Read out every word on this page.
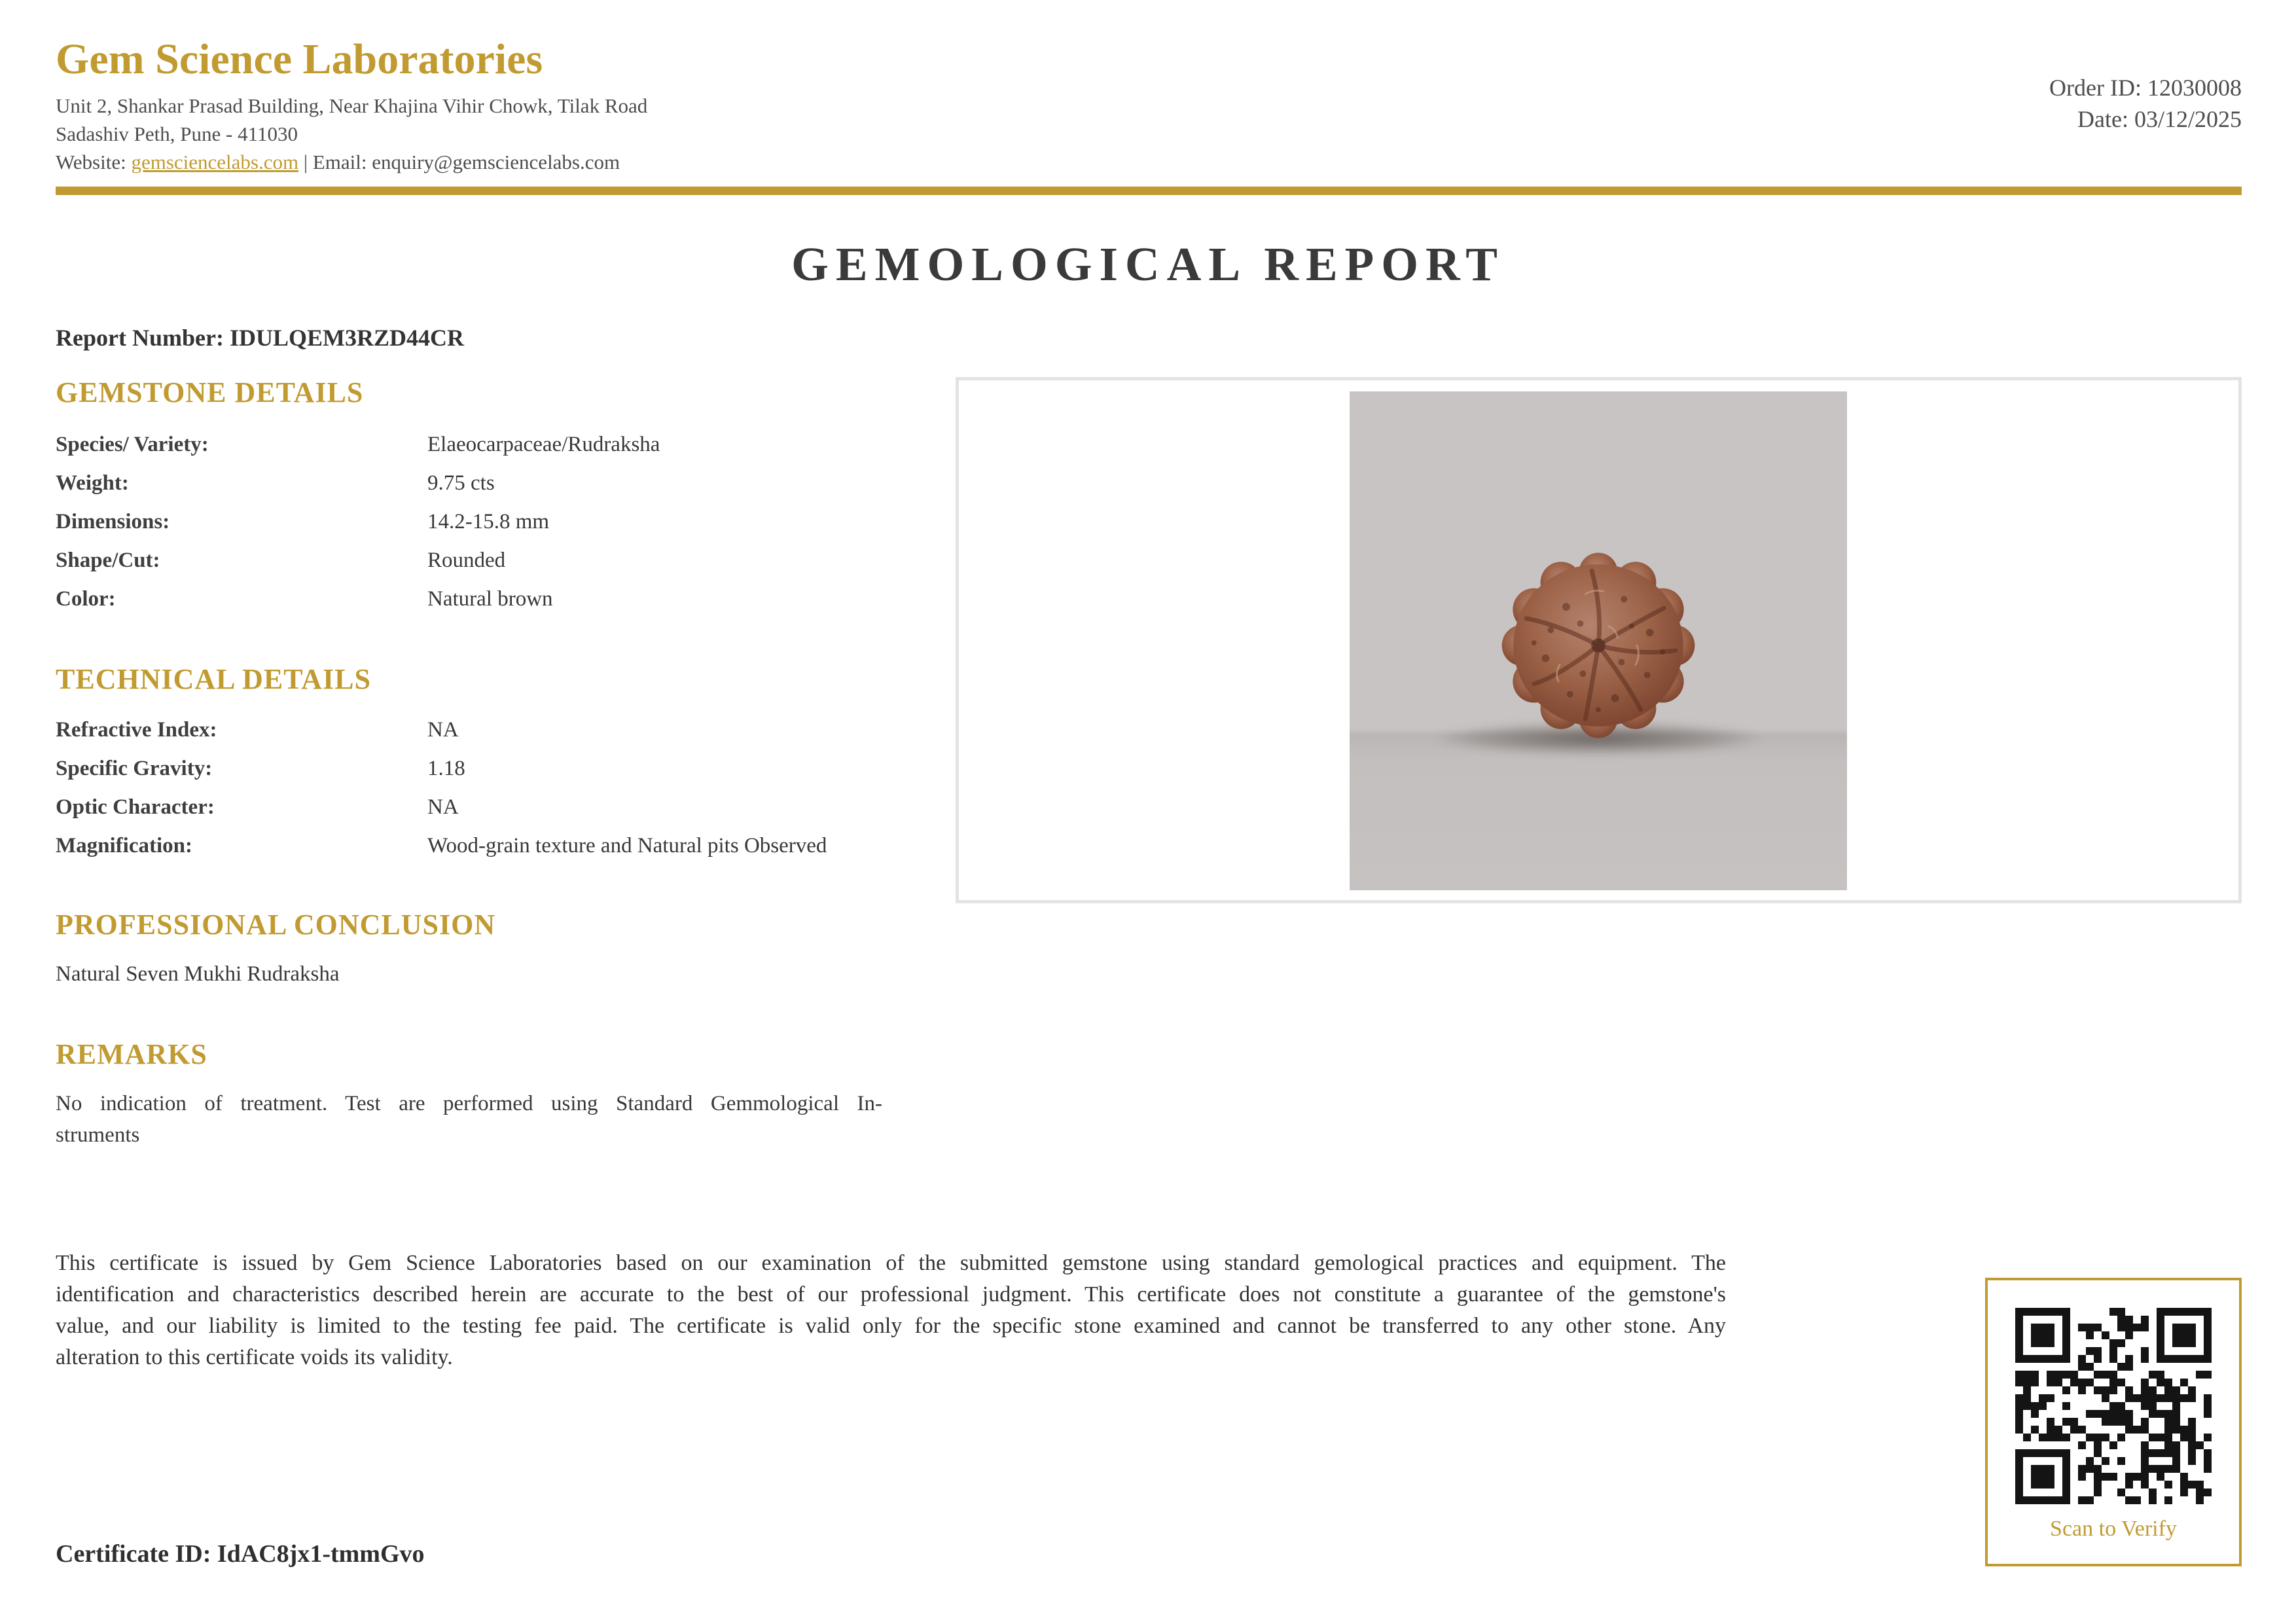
Gem Science Laboratories
Unit 2, Shankar Prasad Building, Near Khajina Vihir Chowk, Tilak Road
Sadashiv Peth, Pune - 411030
Website: gemsciencelabs.com | Email: enquiry@gemsciencelabs.com
Order ID: 12030008
Date: 03/12/2025
GEMOLOGICAL REPORT
Report Number: IDULQEM3RZD44CR
GEMSTONE DETAILS
Species/ Variety:	Elaeocarpaceae/Rudraksha
Weight:	9.75 cts
Dimensions:	14.2-15.8 mm
Shape/Cut:	Rounded
Color:	Natural brown
TECHNICAL DETAILS
Refractive Index:	NA
Specific Gravity:	1.18
Optic Character:	NA
Magnification:	Wood-grain texture and Natural pits Observed
PROFESSIONAL CONCLUSION
Natural Seven Mukhi Rudraksha
REMARKS
No indication of treatment. Test are performed using Standard Gemmological In-
struments
This certificate is issued by Gem Science Laboratories based on our examination of the submitted gemstone using standard gemological practices and equipment. The
identification and characteristics described herein are accurate to the best of our professional judgment. This certificate does not constitute a guarantee of the gemstone's
value, and our liability is limited to the testing fee paid. The certificate is valid only for the specific stone examined and cannot be transferred to any other stone. Any
alteration to this certificate voids its validity.
Certificate ID: IdAC8jx1-tmmGvo
Scan to Verify
